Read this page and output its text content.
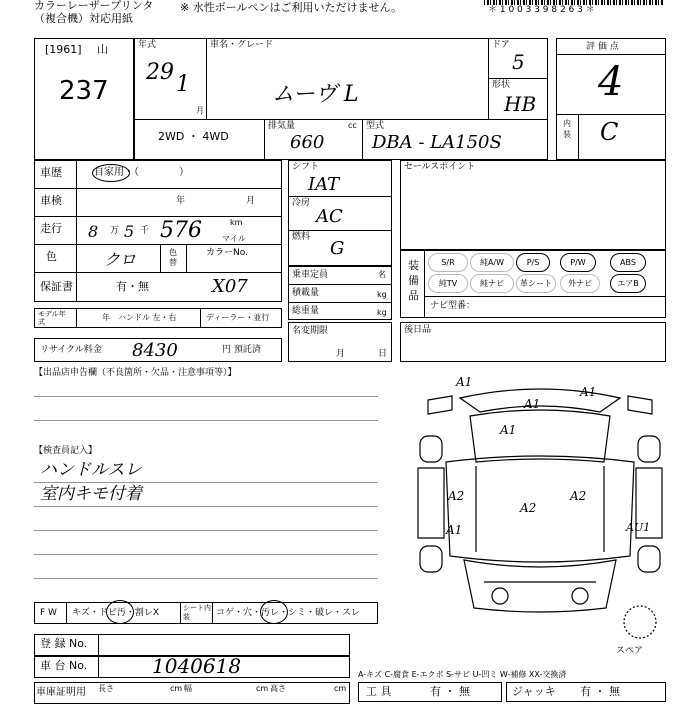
カラーレーザープリンタ
（複合機）対応用紙
※ 水性ボールペンはご利用いただけません。	＊ 1 0 0 3 3 9 8 2 6 3 ＊
[1961] 山
237
年式
29 1
月
車名・グレード
ムーヴ L
ドア
5
形状
HB
2WD ・ 4WD
排気量	cc
660
型式
DBA - LA150S
評 価 点
4
内装 C
車歴	自家用・（　　　　）
車検	年	月
走行 8 万 5 千 576	km
マイル
色	クロ	色替
カラーNo.
保証書	有・無	X07
モデル年式	年 ハンドル 左・右	ディーラー・並行
リサイクル料金 8430	円 預託済
シフト
IAT
冷房
AC
燃料
G
乗車定員	名
積載量	kg
総重量	kg
名変期限
月	日
セールスポイント
装備品
S/R	純A/W	P/S	P/W	ABS
純TV	純ナビ	革シート	外ナビ	エアB
ナビ型番：
後日品
【出品店申告欄（不良箇所・欠品・注意事項等）】
【検査員記入】
ハンドルスレ
室内キモ付着
F W キズ・ドビ汚・割レX	シート内装	コゲ・穴・汚レ・シミ・破レ・スレ
登 録 No.
車 台 No.	1040618
車庫証明用 長さ	cm 幅	cm 高さ	cm
A1
A1
A1
A1
A2
A2
A2
A1	AU1
スペア
A-キズ C-腐食 E-エクボ S-サビ U-凹ミ W-補修 XX-交換済
工 具	有 ・ 無	ジャッキ 有 ・ 無
